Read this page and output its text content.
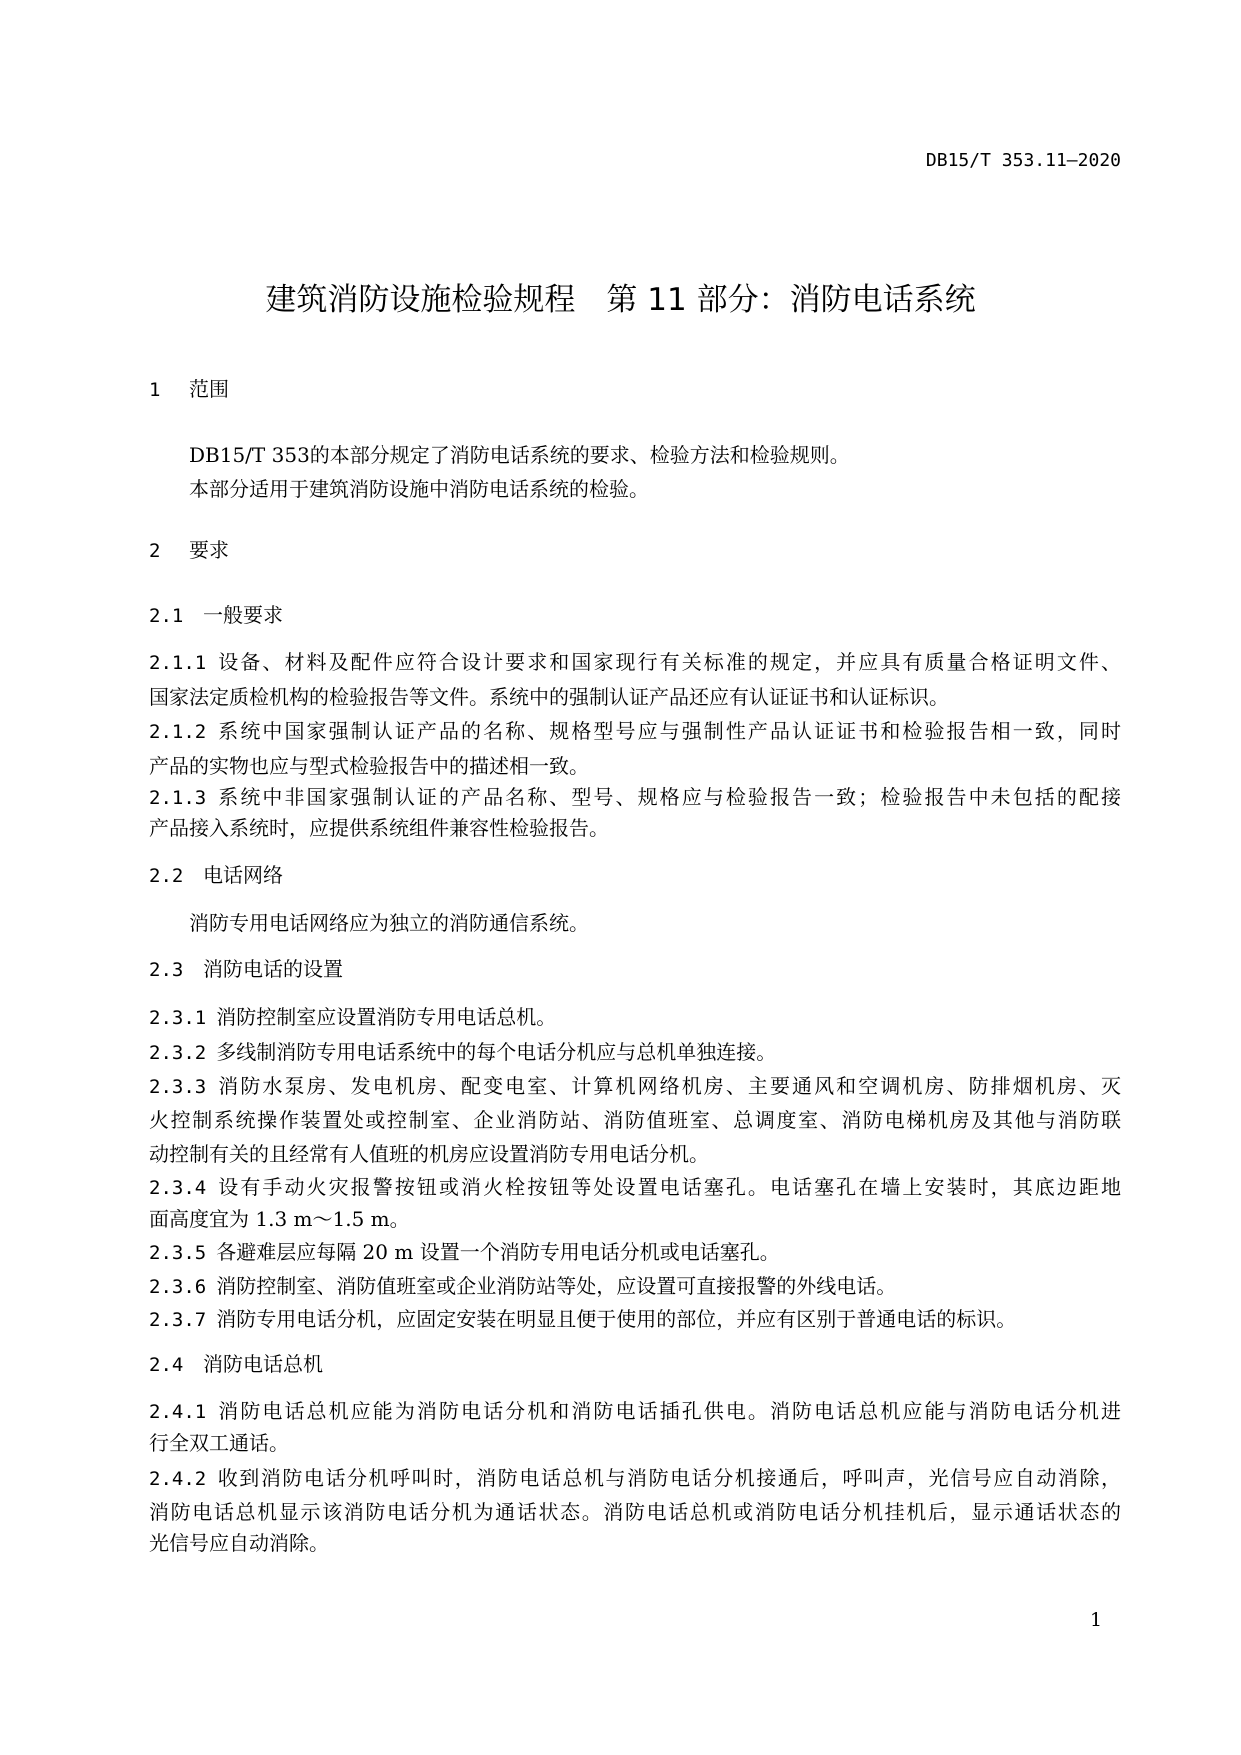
DB15/T 353.11—2020
建筑消防设施检验规程　第 11 部分：消防电话系统
1 范围
DB15/T 353的本部分规定了消防电话系统的要求、检验方法和检验规则。
本部分适用于建筑消防设施中消防电话系统的检验。
2 要求
2.1 一般要求
2.1.1 设备、材料及配件应符合设计要求和国家现行有关标准的规定，并应具有质量合格证明文件、
国家法定质检机构的检验报告等文件。系统中的强制认证产品还应有认证证书和认证标识。
2.1.2 系统中国家强制认证产品的名称、规格型号应与强制性产品认证证书和检验报告相一致，同时
产品的实物也应与型式检验报告中的描述相一致。
2.1.3 系统中非国家强制认证的产品名称、型号、规格应与检验报告一致；检验报告中未包括的配接
产品接入系统时，应提供系统组件兼容性检验报告。
2.2 电话网络
消防专用电话网络应为独立的消防通信系统。
2.3 消防电话的设置
2.3.1 消防控制室应设置消防专用电话总机。
2.3.2 多线制消防专用电话系统中的每个电话分机应与总机单独连接。
2.3.3 消防水泵房、发电机房、配变电室、计算机网络机房、主要通风和空调机房、防排烟机房、灭
火控制系统操作装置处或控制室、企业消防站、消防值班室、总调度室、消防电梯机房及其他与消防联
动控制有关的且经常有人值班的机房应设置消防专用电话分机。
2.3.4 设有手动火灾报警按钮或消火栓按钮等处设置电话塞孔。电话塞孔在墙上安装时，其底边距地
面高度宜为 1.3 m～1.5 m。
2.3.5 各避难层应每隔 20 m 设置一个消防专用电话分机或电话塞孔。
2.3.6 消防控制室、消防值班室或企业消防站等处，应设置可直接报警的外线电话。
2.3.7 消防专用电话分机，应固定安装在明显且便于使用的部位，并应有区别于普通电话的标识。
2.4 消防电话总机
2.4.1 消防电话总机应能为消防电话分机和消防电话插孔供电。消防电话总机应能与消防电话分机进
行全双工通话。
2.4.2 收到消防电话分机呼叫时，消防电话总机与消防电话分机接通后，呼叫声，光信号应自动消除，
消防电话总机显示该消防电话分机为通话状态。消防电话总机或消防电话分机挂机后，显示通话状态的
光信号应自动消除。
1
